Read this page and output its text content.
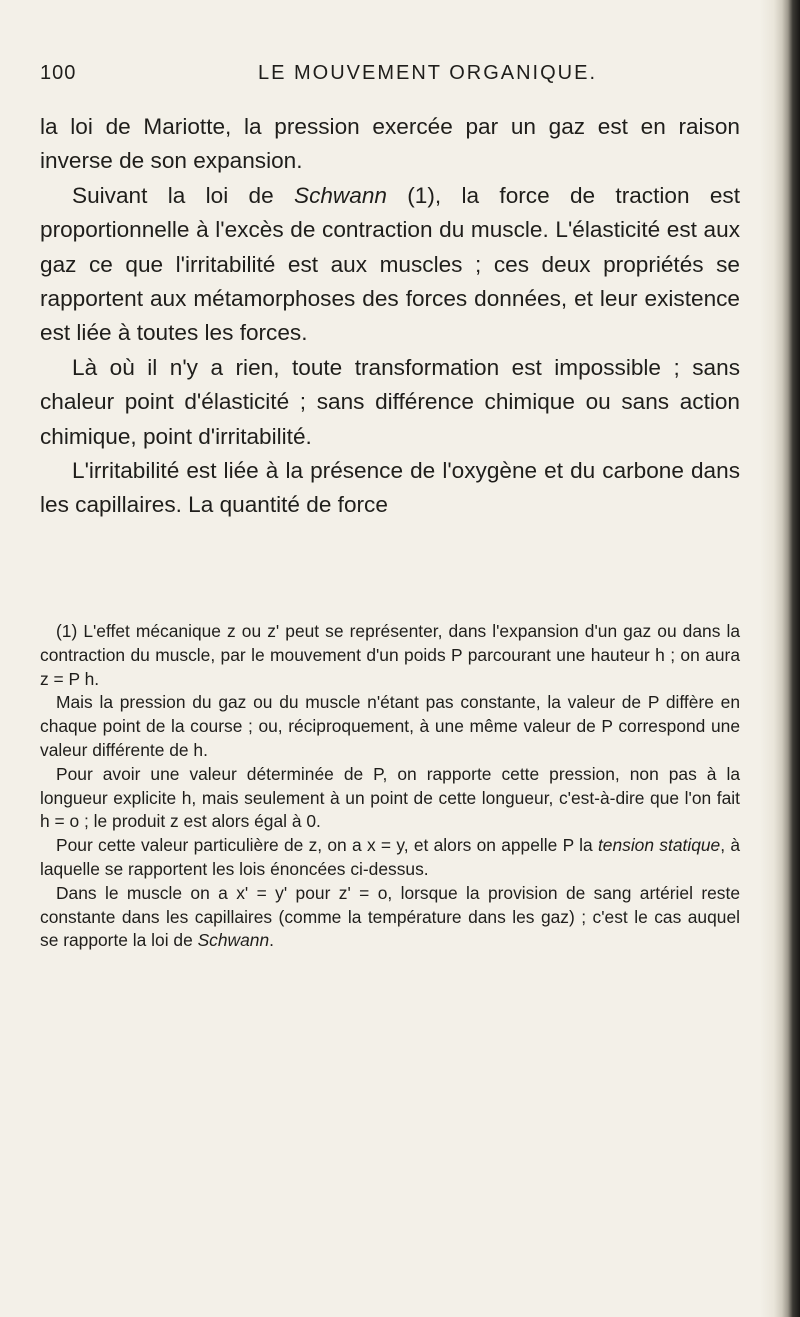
100	LE MOUVEMENT ORGANIQUE.

la loi de Mariotte, la pression exercée par un gaz est en raison inverse de son expansion.

Suivant la loi de Schwann (1), la force de traction est proportionnelle à l'excès de contraction du muscle. L'élasticité est aux gaz ce que l'irritabilité est aux muscles ; ces deux propriétés se rapportent aux métamorphoses des forces données, et leur existence est liée à toutes les forces.

Là où il n'y a rien, toute transformation est impossible ; sans chaleur point d'élasticité ; sans différence chimique ou sans action chimique, point d'irritabilité.

L'irritabilité est liée à la présence de l'oxygène et du carbone dans les capillaires. La quantité de force

(1) L'effet mécanique z ou z' peut se représenter, dans l'expansion d'un gaz ou dans la contraction du muscle, par le mouvement d'un poids P parcourant une hauteur h ; on aura z = P h.

Mais la pression du gaz ou du muscle n'étant pas constante, la valeur de P diffère en chaque point de la course ; ou, réciproquement, à une même valeur de P correspond une valeur différente de h.

Pour avoir une valeur déterminée de P, on rapporte cette pression, non pas à la longueur explicite h, mais seulement à un point de cette longueur, c'est-à-dire que l'on fait h = o ; le produit z est alors égal à 0.

Pour cette valeur particulière de z, on a x = y, et alors on appelle P la tension statique, à laquelle se rapportent les lois énoncées ci-dessus.

Dans le muscle on a x' = y' pour z' = o, lorsque la provision de sang artériel reste constante dans les capillaires (comme la température dans les gaz) ; c'est le cas auquel se rapporte la loi de Schwann.
